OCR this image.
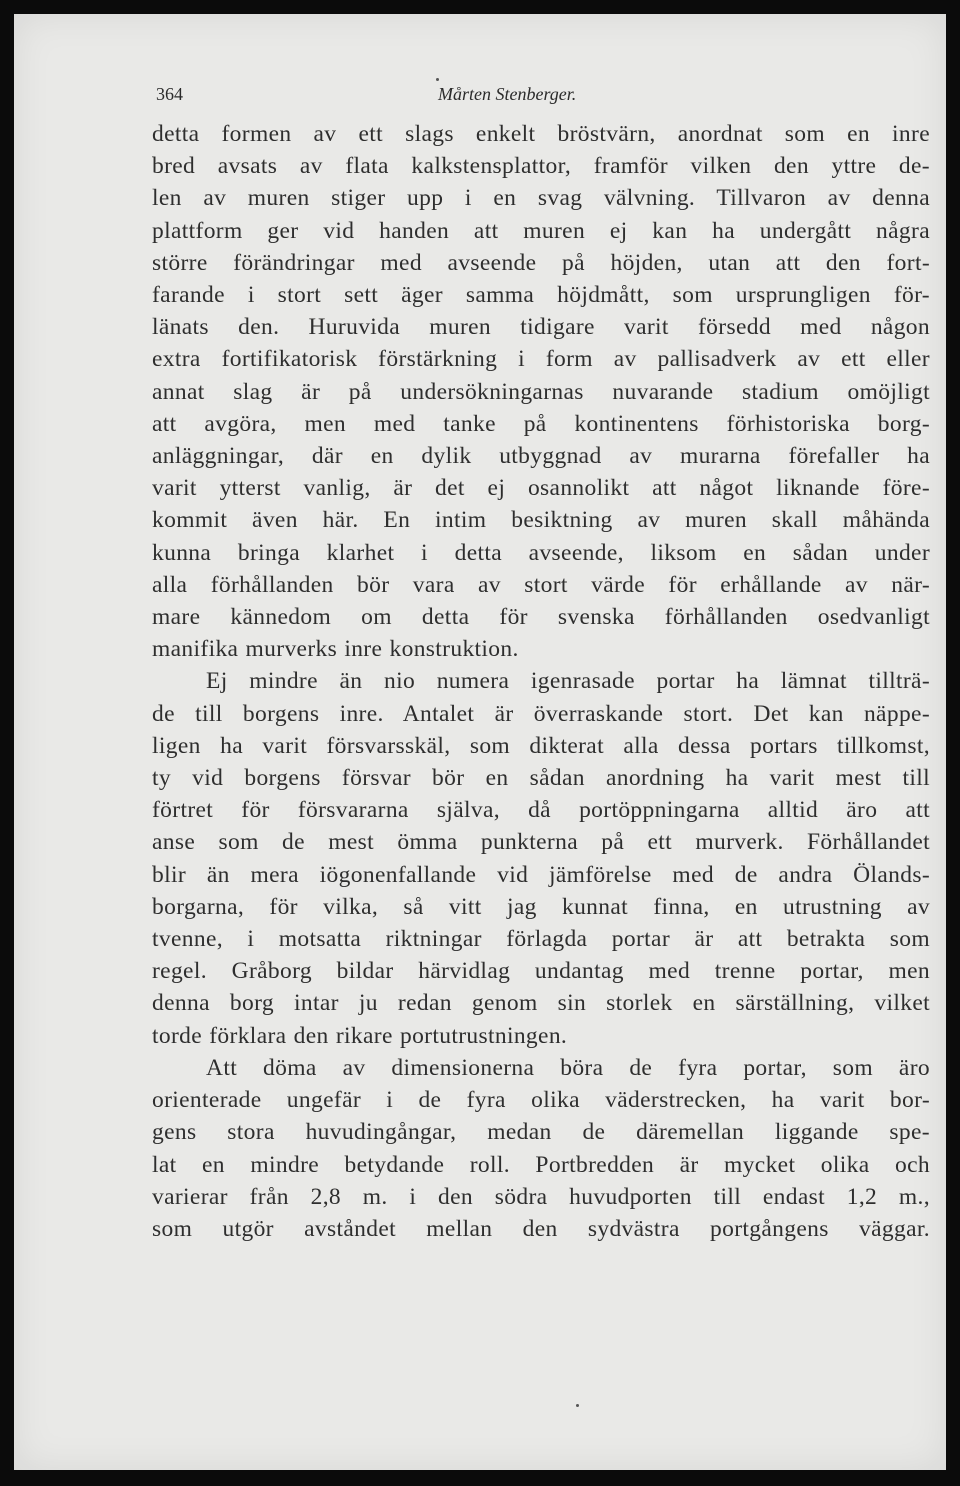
364	Mårten Stenberger.
detta formen av ett slags enkelt bröstvärn, anordnat som en inre
bred avsats av flata kalkstensplattor, framför vilken den yttre de-
len av muren stiger upp i en svag välvning. Tillvaron av denna
plattform ger vid handen att muren ej kan ha undergått några
större förändringar med avseende på höjden, utan att den fort-
farande i stort sett äger samma höjdmått, som ursprungligen för-
länats den. Huruvida muren tidigare varit försedd med någon
extra fortifikatorisk förstärkning i form av pallisadverk av ett eller
annat slag är på undersökningarnas nuvarande stadium omöjligt
att avgöra, men med tanke på kontinentens förhistoriska borg-
anläggningar, där en dylik utbyggnad av murarna förefaller ha
varit ytterst vanlig, är det ej osannolikt att något liknande före-
kommit även här. En intim besiktning av muren skall måhända
kunna bringa klarhet i detta avseende, liksom en sådan under
alla förhållanden bör vara av stort värde för erhållande av när-
mare kännedom om detta för svenska förhållanden osedvanligt
manifika murverks inre konstruktion.
Ej mindre än nio numera igenrasade portar ha lämnat tillträ-
de till borgens inre. Antalet är överraskande stort. Det kan näppe-
ligen ha varit försvarsskäl, som dikterat alla dessa portars tillkomst,
ty vid borgens försvar bör en sådan anordning ha varit mest till
förtret för försvararna själva, då portöppningarna alltid äro att
anse som de mest ömma punkterna på ett murverk. Förhållandet
blir än mera iögonenfallande vid jämförelse med de andra Ölands-
borgarna, för vilka, så vitt jag kunnat finna, en utrustning av
tvenne, i motsatta riktningar förlagda portar är att betrakta som
regel. Gråborg bildar härvidlag undantag med trenne portar, men
denna borg intar ju redan genom sin storlek en särställning, vilket
torde förklara den rikare portutrustningen.
Att döma av dimensionerna böra de fyra portar, som äro
orienterade ungefär i de fyra olika väderstrecken, ha varit bor-
gens stora huvudingångar, medan de däremellan liggande spe-
lat en mindre betydande roll. Portbredden är mycket olika och
varierar från 2,8 m. i den södra huvudporten till endast 1,2 m.,
som utgör avståndet mellan den sydvästra portgångens väggar.
